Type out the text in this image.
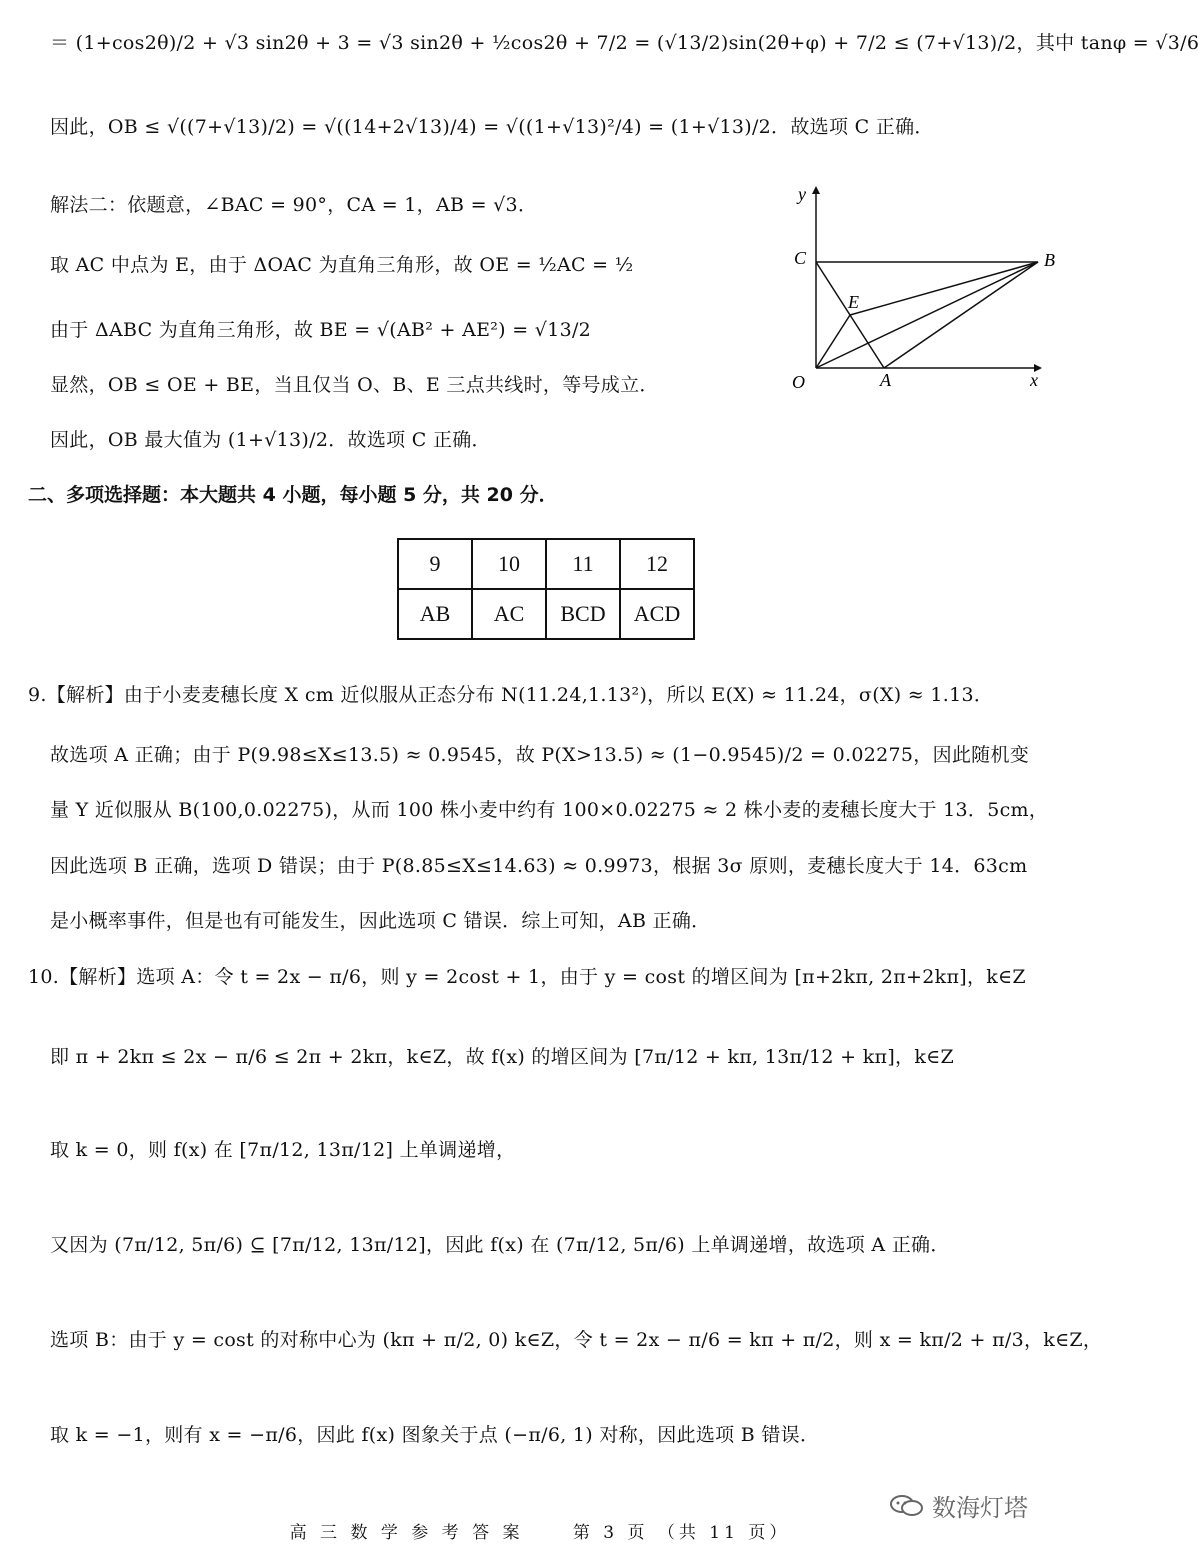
＝ (1+cos2θ)/2 + √3 sin2θ + 3 = √3 sin2θ + ½cos2θ + 7/2 = (√13/2)sin(2θ+φ) + 7/2 ≤ (7+√13)/2，其中 tanφ = √3/6
因此，OB ≤ √((7+√13)/2) = √((14+2√13)/4) = √((1+√13)²/4) = (1+√13)/2．故选项 C 正确．
解法二：依题意，∠BAC = 90°，CA = 1，AB = √3．
取 AC 中点为 E，由于 ΔOAC 为直角三角形，故 OE = ½AC = ½
由于 ΔABC 为直角三角形，故 BE = √(AB² + AE²) = √13/2
显然，OB ≤ OE + BE，当且仅当 O、B、E 三点共线时，等号成立．
因此，OB 最大值为 (1+√13)/2．故选项 C 正确．
y
x
O	A
B
C
E
二、多项选择题：本大题共 4 小题，每小题 5 分，共 20 分．
9	10	11	12
AB	AC	BCD	ACD
9.【解析】由于小麦麦穗长度 X cm 近似服从正态分布 N(11.24,1.13²)，所以 E(X) ≈ 11.24，σ(X) ≈ 1.13．
故选项 A 正确；由于 P(9.98≤X≤13.5) ≈ 0.9545，故 P(X>13.5) ≈ (1−0.9545)/2 = 0.02275，因此随机变
量 Y 近似服从 B(100,0.02275)，从而 100 株小麦中约有 100×0.02275 ≈ 2 株小麦的麦穗长度大于 13．5cm，
因此选项 B 正确，选项 D 错误；由于 P(8.85≤X≤14.63) ≈ 0.9973，根据 3σ 原则，麦穗长度大于 14．63cm
是小概率事件，但是也有可能发生，因此选项 C 错误．综上可知，AB 正确．
10.【解析】选项 A：令 t = 2x − π/6，则 y = 2cost + 1，由于 y = cost 的增区间为 [π+2kπ, 2π+2kπ]，k∈Z
即 π + 2kπ ≤ 2x − π/6 ≤ 2π + 2kπ，k∈Z，故 f(x) 的增区间为 [7π/12 + kπ, 13π/12 + kπ]，k∈Z
取 k = 0，则 f(x) 在 [7π/12, 13π/12] 上单调递增，
又因为 (7π/12, 5π/6) ⊆ [7π/12, 13π/12]，因此 f(x) 在 (7π/12, 5π/6) 上单调递增，故选项 A 正确．
选项 B：由于 y = cost 的对称中心为 (kπ + π/2, 0) k∈Z，令 t = 2x − π/6 = kπ + π/2，则 x = kπ/2 + π/3，k∈Z，
取 k = −1，则有 x = −π/6，因此 f(x) 图象关于点 (−π/6, 1) 对称，因此选项 B 错误．
数海灯塔
高 三 数 学 参 考 答 案	第 3 页 （共 11 页）
